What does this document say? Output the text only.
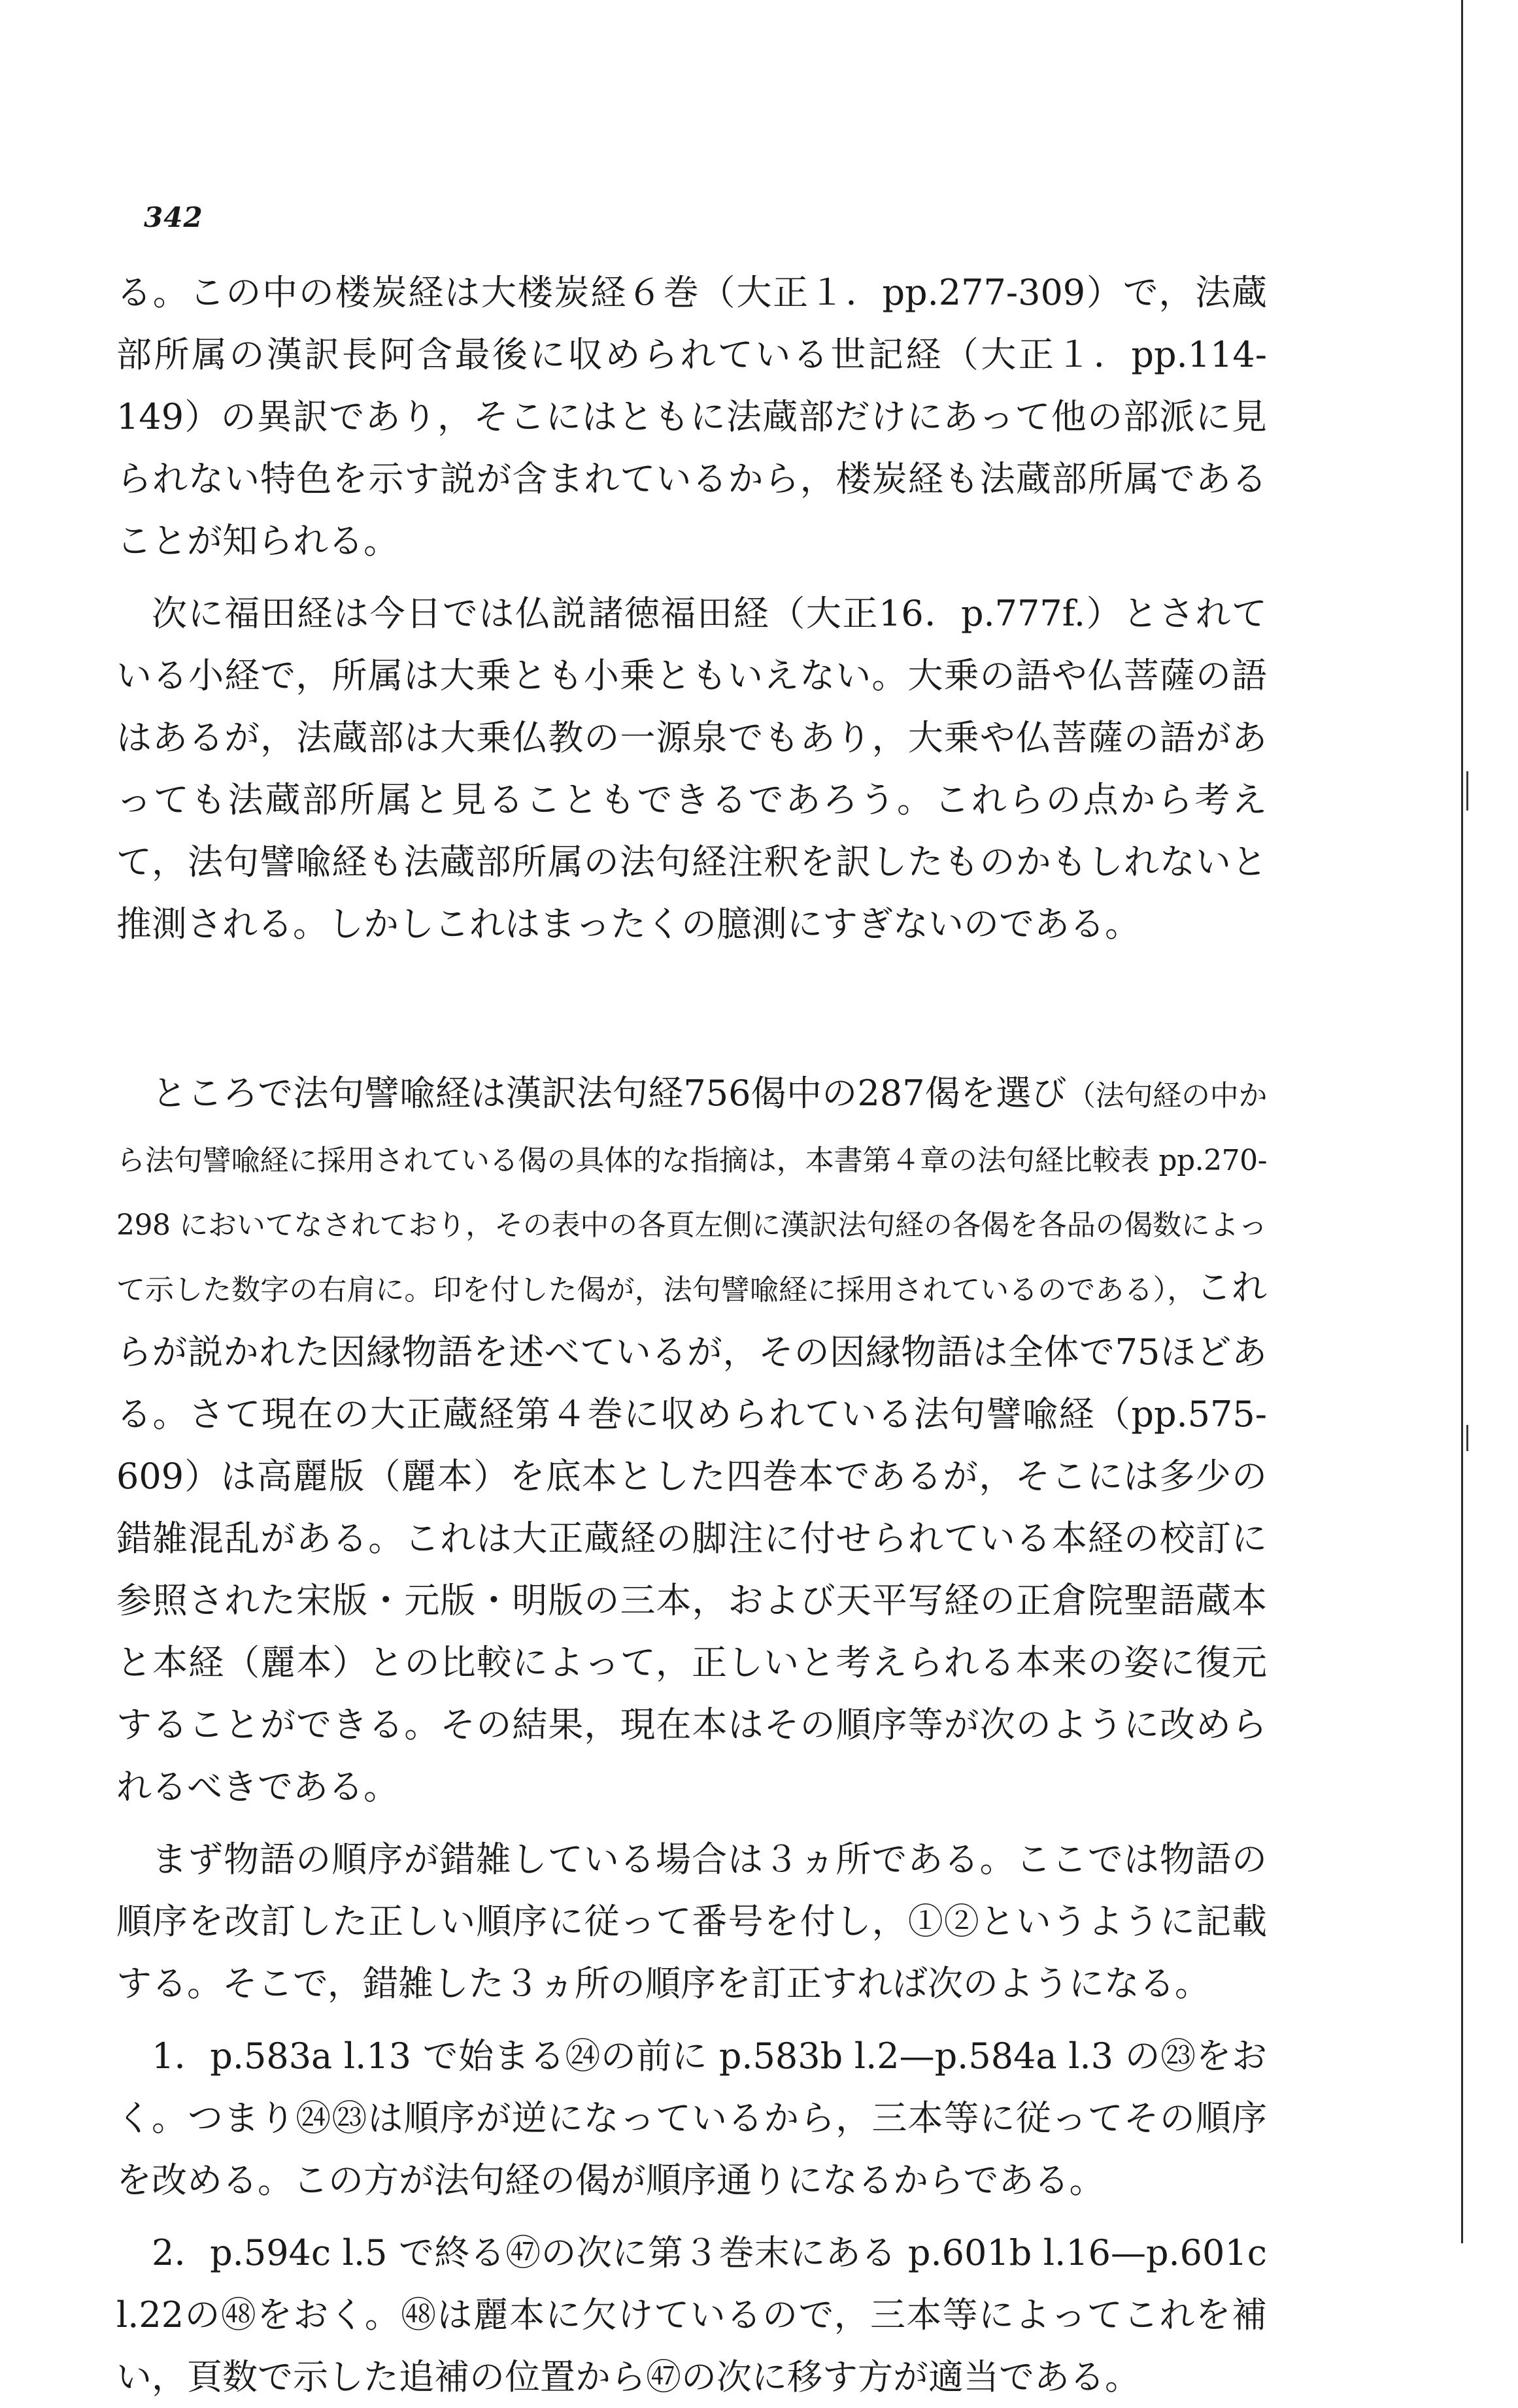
342

る。この中の楼炭経は大楼炭経６巻（大正１．pp.277-309）で，法蔵部所属の漢訳長阿含最後に収められている世記経（大正１．pp.114-149）の異訳であり，そこにはともに法蔵部だけにあって他の部派に見られない特色を示す説が含まれているから，楼炭経も法蔵部所属であることが知られる。

次に福田経は今日では仏説諸徳福田経（大正16．p.777f.）とされている小経で，所属は大乗とも小乗ともいえない。大乗の語や仏菩薩の語はあるが，法蔵部は大乗仏教の一源泉でもあり，大乗や仏菩薩の語があっても法蔵部所属と見ることもできるであろう。これらの点から考えて，法句譬喩経も法蔵部所属の法句経注釈を訳したものかもしれないと推測される。しかしこれはまったくの臆測にすぎないのである。

ところで法句譬喩経は漢訳法句経756偈中の287偈を選び（法句経の中から法句譬喩経に採用されている偈の具体的な指摘は，本書第４章の法句経比較表 pp.270-298 においてなされており，その表中の各頁左側に漢訳法句経の各偈を各品の偈数によって示した数字の右肩に。印を付した偈が，法句譬喩経に採用されているのである），これらが説かれた因縁物語を述べているが，その因縁物語は全体で75ほどある。さて現在の大正蔵経第４巻に収められている法句譬喩経（pp.575-609）は高麗版（麗本）を底本とした四巻本であるが，そこには多少の錯雑混乱がある。これは大正蔵経の脚注に付せられている本経の校訂に参照された宋版・元版・明版の三本，および天平写経の正倉院聖語蔵本と本経（麗本）との比較によって，正しいと考えられる本来の姿に復元することができる。その結果，現在本はその順序等が次のように改められるべきである。

まず物語の順序が錯雑している場合は３ヵ所である。ここでは物語の順序を改訂した正しい順序に従って番号を付し，①②というように記載する。そこで，錯雑した３ヵ所の順序を訂正すれば次のようになる。

1．p.583a l.13 で始まる㉔の前に p.583b l.2—p.584a l.3 の㉓をおく。つまり㉔㉓は順序が逆になっているから，三本等に従ってその順序を改める。この方が法句経の偈が順序通りになるからである。

2．p.594c l.5 で終る㊼の次に第３巻末にある p.601b l.16—p.601c l.22の㊽をおく。㊽は麗本に欠けているので，三本等によってこれを補い，頁数で示した追補の位置から㊼の次に移す方が適当である。
